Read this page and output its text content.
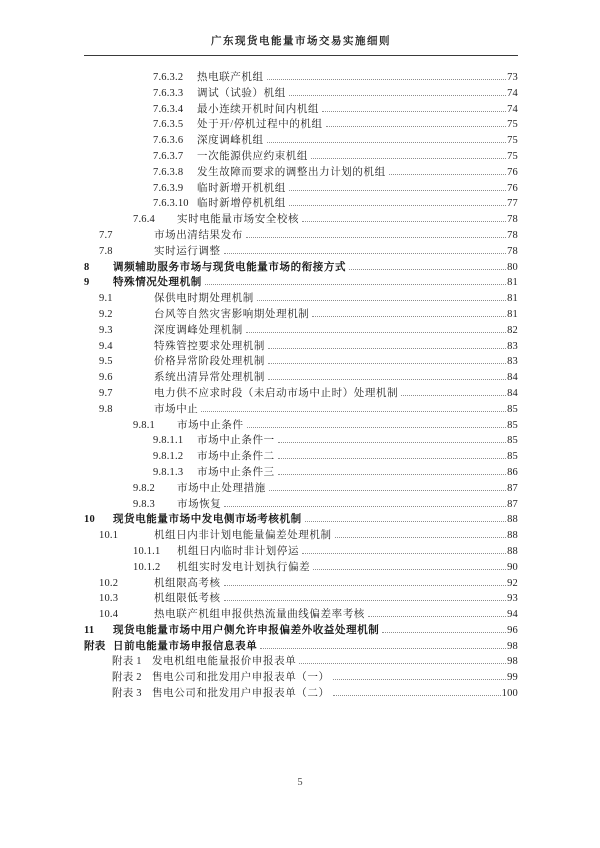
广东现货电能量市场交易实施细则
7.6.3.2	热电联产机组	73
7.6.3.3	调试（试验）机组	74
7.6.3.4	最小连续开机时间内机组	74
7.6.3.5	处于开/停机过程中的机组	75
7.6.3.6	深度调峰机组	75
7.6.3.7	一次能源供应约束机组	75
7.6.3.8	发生故障而要求的调整出力计划的机组	76
7.6.3.9	临时新增开机机组	76
7.6.3.10 临时新增停机机组	77
7.6.4	实时电能量市场安全校核	78
7.7	市场出清结果发布	78
7.8	实时运行调整	78
8	调频辅助服务市场与现货电能量市场的衔接方式	80
9	特殊情况处理机制	81
9.1	保供电时期处理机制	81
9.2	台风等自然灾害影响期处理机制	81
9.3	深度调峰处理机制	82
9.4	特殊管控要求处理机制	83
9.5	价格异常阶段处理机制	83
9.6	系统出清异常处理机制	84
9.7	电力供不应求时段（未启动市场中止时）处理机制	84
9.8	市场中止	85
9.8.1	市场中止条件	85
9.8.1.1	市场中止条件一	85
9.8.1.2	市场中止条件二	85
9.8.1.3	市场中止条件三	86
9.8.2	市场中止处理措施	87
9.8.3	市场恢复	87
10	现货电能量市场中发电侧市场考核机制	88
10.1	机组日内非计划电能量偏差处理机制	88
10.1.1	机组日内临时非计划停运	88
10.1.2	机组实时发电计划执行偏差	90
10.2	机组限高考核	92
10.3	机组限低考核	93
10.4	热电联产机组申报供热流量曲线偏差率考核	94
11	现货电能量市场中用户侧允许申报偏差外收益处理机制	96
附表 日前电能量市场申报信息表单	98
附表 1 发电机组电能量报价申报表单	98
附表 2 售电公司和批发用户申报表单（一）	99
附表 3 售电公司和批发用户申报表单（二）	100
5
